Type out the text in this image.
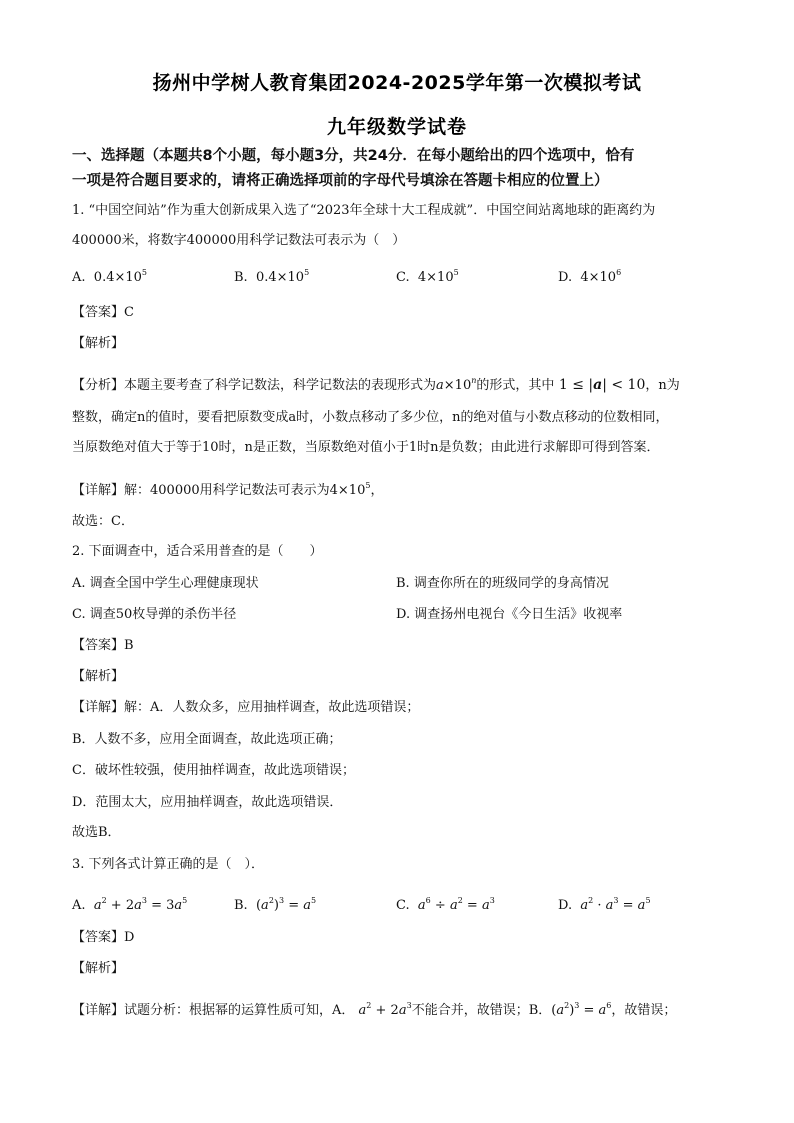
扬州中学树人教育集团2024-2025学年第一次模拟考试
九年级数学试卷
一、选择题（本题共8个小题，每小题3分，共24分．在每小题给出的四个选项中，恰有
一项是符合题目要求的，请将正确选择项前的字母代号填涂在答题卡相应的位置上）
1. “中国空间站”作为重大创新成果入选了“2023年全球十大工程成就”．中国空间站离地球的距离约为
400000米，将数字400000用科学记数法可表示为（　）
A.  $0.4\times 10^5$	B.  $0.4\times 10^5$	C.  $4\times 10^5$	D.  $4\times 10^6$
【答案】C
【解析】
【分析】本题主要考查了科学记数法，科学记数法的表现形式为$a\times 10^n$的形式，其中 1 ≤ |a| < 10，n为
整数，确定n的值时，要看把原数变成a时，小数点移动了多少位，n的绝对值与小数点移动的位数相同，
当原数绝对值大于等于10时，n是正数，当原数绝对值小于1时n是负数；由此进行求解即可得到答案．
【详解】解：400000用科学记数法可表示为$4\times 10^5$，
故选：C．
2. 下面调查中，适合采用普查的是（　　）
A. 调查全国中学生心理健康现状	B. 调查你所在的班级同学的身高情况
C. 调查50枚导弹的杀伤半径	D. 调查扬州电视台《今日生活》收视率
【答案】B
【解析】
【详解】解：A．人数众多，应用抽样调查，故此选项错误；
B．人数不多，应用全面调查，故此选项正确；
C．破坏性较强，使用抽样调查，故此选项错误；
D．范围太大，应用抽样调查，故此选项错误．
故选B．
3. 下列各式计算正确的是（　）．
A. $a^2 + 2a^3 = 3a^5$	B.  $(a^2)^3 = a^5$	C. $a^6 \div a^2 = a^3$	D. $a^2 \cdot a^3 = a^5$
【答案】D
【解析】
【详解】试题分析：根据幂的运算性质可知，A． $a^2 + 2a^3$不能合并，故错误；B．$(a^2)^3 = a^6$，故错误；
